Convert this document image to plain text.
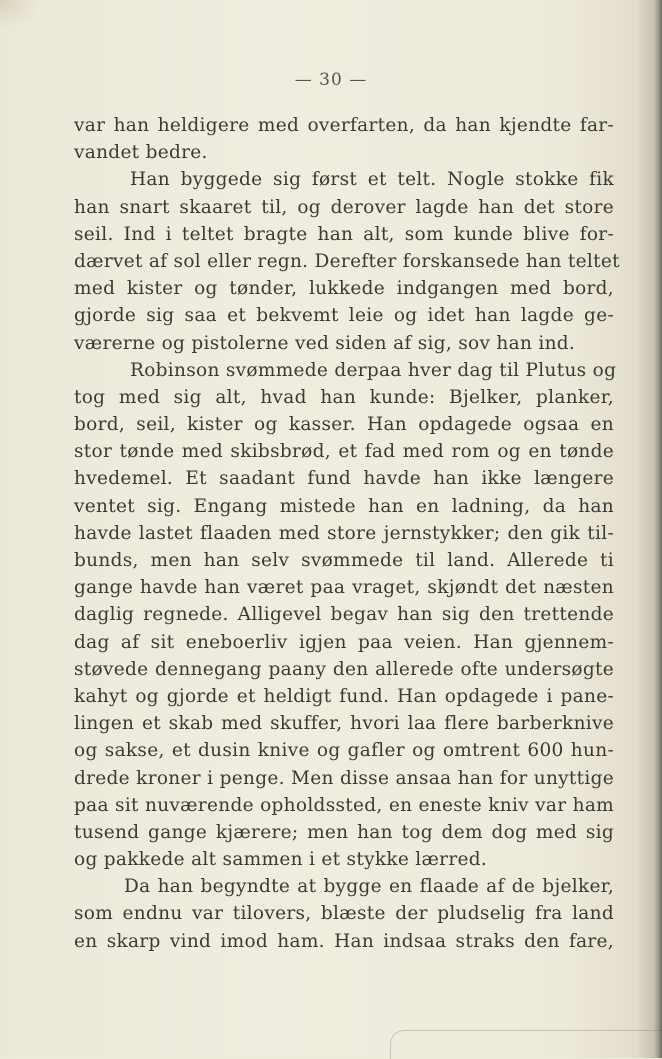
— 30 —
var han heldigere med overfarten, da han kjendte far-
vandet bedre.
Han byggede sig først et telt. Nogle stokke fik
han snart skaaret til, og derover lagde han det store
seil. Ind i teltet bragte han alt, som kunde blive for-
dærvet af sol eller regn. Derefter forskansede han teltet
med kister og tønder, lukkede indgangen med bord,
gjorde sig saa et bekvemt leie og idet han lagde ge-
værerne og pistolerne ved siden af sig, sov han ind.
Robinson svømmede derpaa hver dag til Plutus og
tog med sig alt, hvad han kunde: Bjelker, planker,
bord, seil, kister og kasser. Han opdagede ogsaa en
stor tønde med skibsbrød, et fad med rom og en tønde
hvedemel. Et saadant fund havde han ikke længere
ventet sig. Engang mistede han en ladning, da han
havde lastet flaaden med store jernstykker; den gik til-
bunds, men han selv svømmede til land. Allerede ti
gange havde han været paa vraget, skjøndt det næsten
daglig regnede. Alligevel begav han sig den trettende
dag af sit eneboerliv igjen paa veien. Han gjennem-
støvede dennegang paany den allerede ofte undersøgte
kahyt og gjorde et heldigt fund. Han opdagede i pane-
lingen et skab med skuffer, hvori laa flere barberknive
og sakse, et dusin knive og gafler og omtrent 600 hun-
drede kroner i penge. Men disse ansaa han for unyttige
paa sit nuværende opholdssted, en eneste kniv var ham
tusend gange kjærere; men han tog dem dog med sig
og pakkede alt sammen i et stykke lærred.
Da han begyndte at bygge en flaade af de bjelker,
som endnu var tilovers, blæste der pludselig fra land
en skarp vind imod ham. Han indsaa straks den fare,
